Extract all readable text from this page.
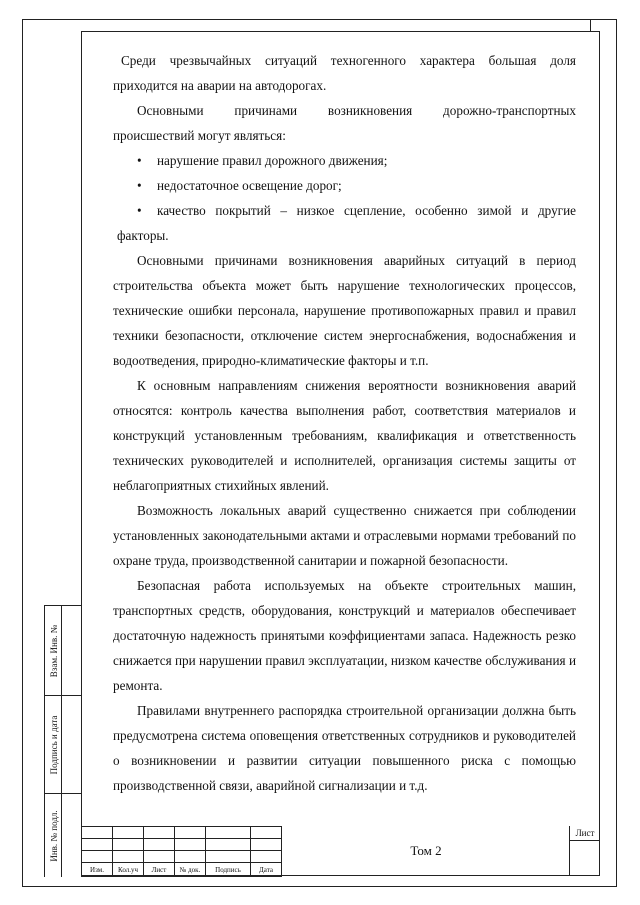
Взам. Инв. №
Подпись и дата
Инв. № подл.

Среди чрезвычайных ситуаций техногенного характера большая доля приходится на аварии на автодорогах.

Основными причинами возникновения дорожно-транспортных происшествий могут являться:

• нарушение правил дорожного движения;
• недостаточное освещение дорог;
• качество покрытий – низкое сцепление, особенно зимой и другие
факторы.

Основными причинами возникновения аварийных ситуаций в период строительства объекта может быть нарушение технологических процессов, технические ошибки персонала, нарушение противопожарных правил и правил техники безопасности, отключение систем энергоснабжения, водоснабжения и водоотведения, природно-климатические факторы и т.п.

К основным направлениям снижения вероятности возникновения аварий относятся: контроль качества выполнения работ, соответствия материалов и конструкций установленным требованиям, квалификация и ответственность технических руководителей и исполнителей, организация системы защиты от неблагоприятных стихийных явлений.

Возможность локальных аварий существенно снижается при соблюдении установленных законодательными актами и отраслевыми нормами требований по охране труда, производственной санитарии и пожарной безопасности.

Безопасная работа используемых на объекте строительных машин, транспортных средств, оборудования, конструкций и материалов обеспечивает достаточную надежность принятыми коэффициентами запаса. Надежность резко снижается при нарушении правил эксплуатации, низком качестве обслуживания и ремонта.

Правилами внутреннего распорядка строительной организации должна быть предусмотрена система оповещения ответственных сотрудников и руководителей о возникновении и развитии ситуации повышенного риска с помощью производственной связи, аварийной сигнализации и т.д.

Изм.	Кол.уч	Лист	№ док.	Подпись	Дата
Том 2
Лист
